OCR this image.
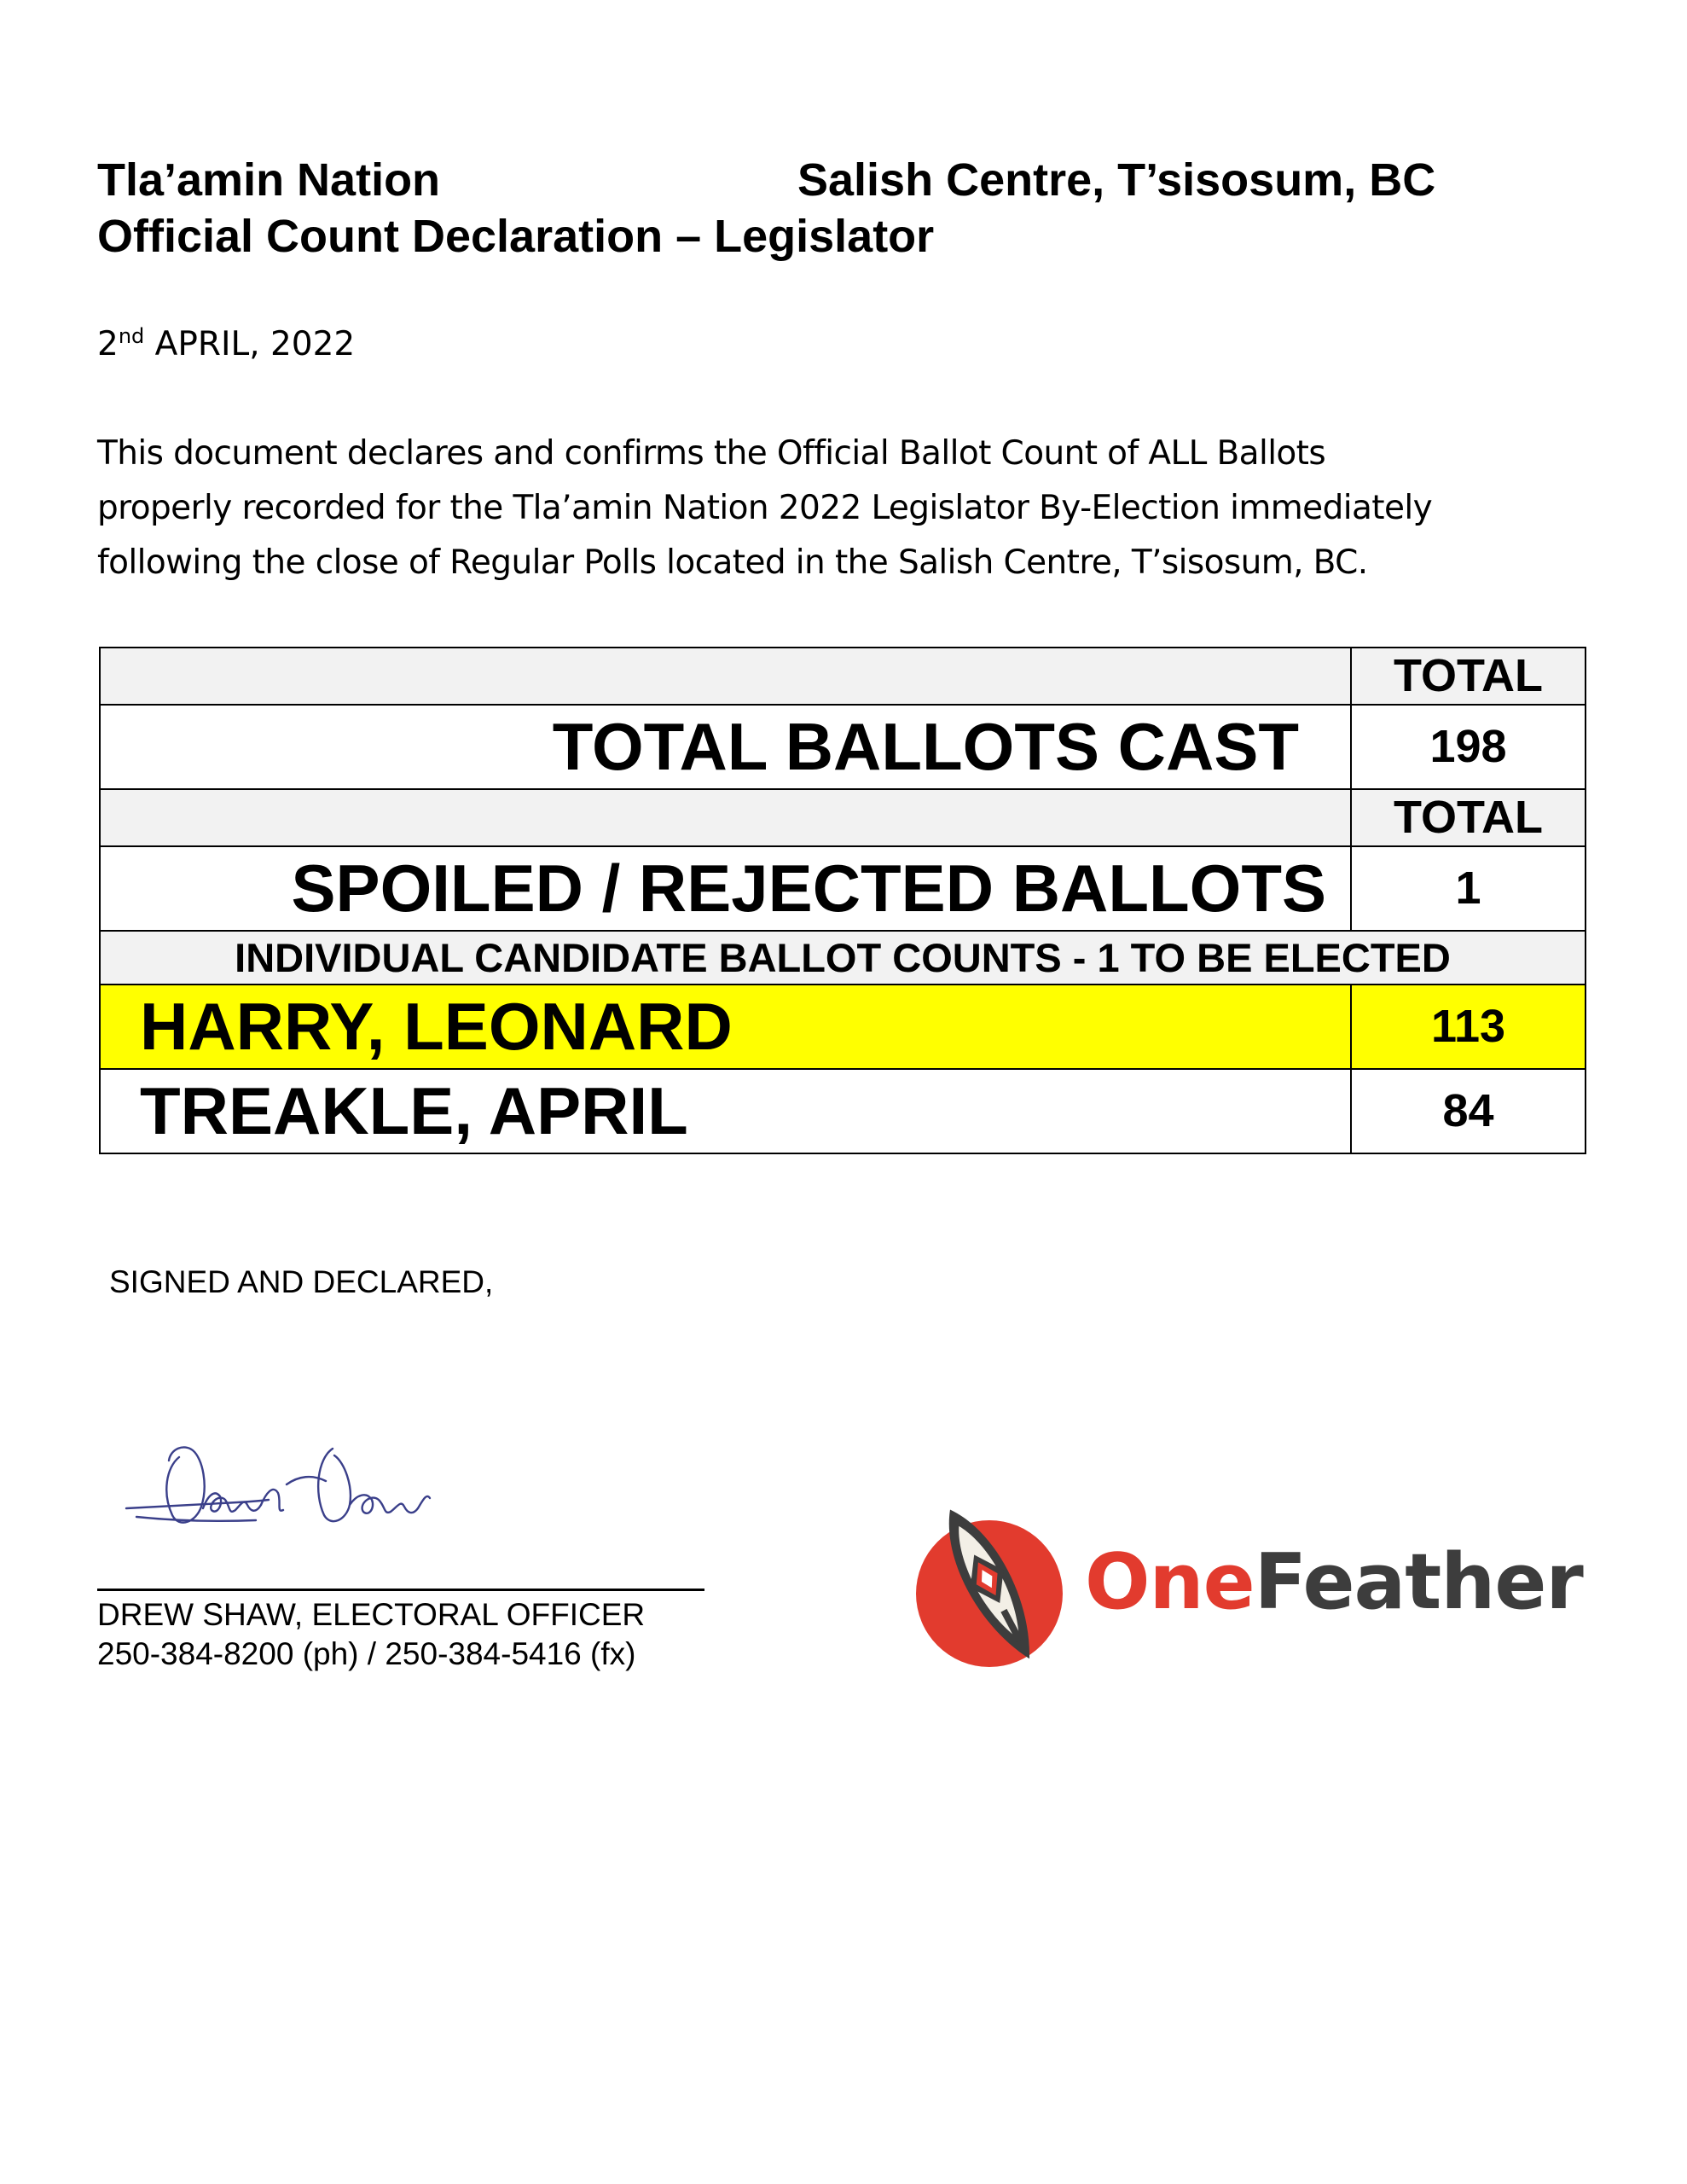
Tla’amin Nation	Salish Centre, T’sisosum, BC
Official Count Declaration – Legislator
2nd APRIL, 2022
This document declares and confirms the Official Ballot Count of ALL Ballots
properly recorded for the Tla’amin Nation 2022 Legislator By-Election immediately
following the close of Regular Polls located in the Salish Centre, T’sisosum, BC.
	TOTAL
TOTAL BALLOTS CAST	198
	TOTAL
SPOILED / REJECTED BALLOTS	1
INDIVIDUAL CANDIDATE BALLOT COUNTS - 1 TO BE ELECTED	
HARRY, LEONARD	113
TREAKLE, APRIL	84
SIGNED AND DECLARED,
DREW SHAW, ELECTORAL OFFICER
250-384-8200 (ph) / 250-384-5416 (fx)
OneFeather
